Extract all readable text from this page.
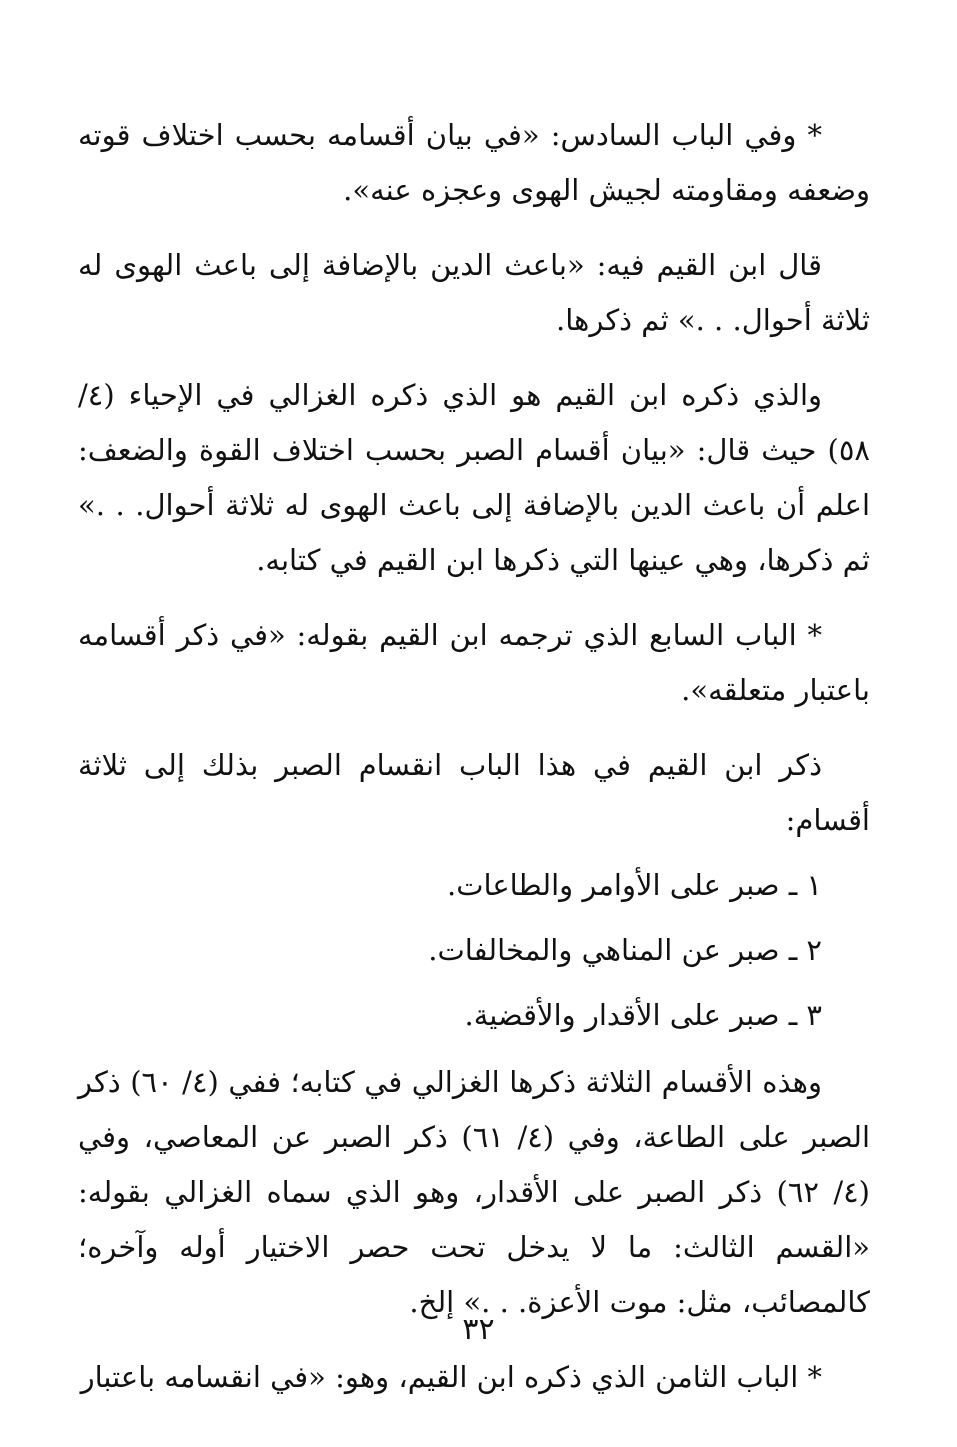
* وفي الباب السادس: «في بيان أقسامه بحسب اختلاف قوته وضعفه ومقاومته لجيش الهوى وعجزه عنه».

قال ابن القيم فيه: «باعث الدين بالإضافة إلى باعث الهوى له ثلاثة أحوال. . .» ثم ذكرها.

والذي ذكره ابن القيم هو الذي ذكره الغزالي في الإحياء (٤/ ٥٨) حيث قال: «بيان أقسام الصبر بحسب اختلاف القوة والضعف: اعلم أن باعث الدين بالإضافة إلى باعث الهوى له ثلاثة أحوال. . .» ثم ذكرها، وهي عينها التي ذكرها ابن القيم في كتابه.

* الباب السابع الذي ترجمه ابن القيم بقوله: «في ذكر أقسامه باعتبار متعلقه».

ذكر ابن القيم في هذا الباب انقسام الصبر بذلك إلى ثلاثة أقسام:

١ ـ صبر على الأوامر والطاعات.

٢ ـ صبر عن المناهي والمخالفات.

٣ ـ صبر على الأقدار والأقضية.

وهذه الأقسام الثلاثة ذكرها الغزالي في كتابه؛ ففي (٤/ ٦٠) ذكر الصبر على الطاعة، وفي (٤/ ٦١) ذكر الصبر عن المعاصي، وفي (٤/ ٦٢) ذكر الصبر على الأقدار، وهو الذي سماه الغزالي بقوله: «القسم الثالث: ما لا يدخل تحت حصر الاختيار أوله وآخره؛ كالمصائب، مثل: موت الأعزة. . .» إلخ.

* الباب الثامن الذي ذكره ابن القيم، وهو: «في انقسامه باعتبار

٣٢
